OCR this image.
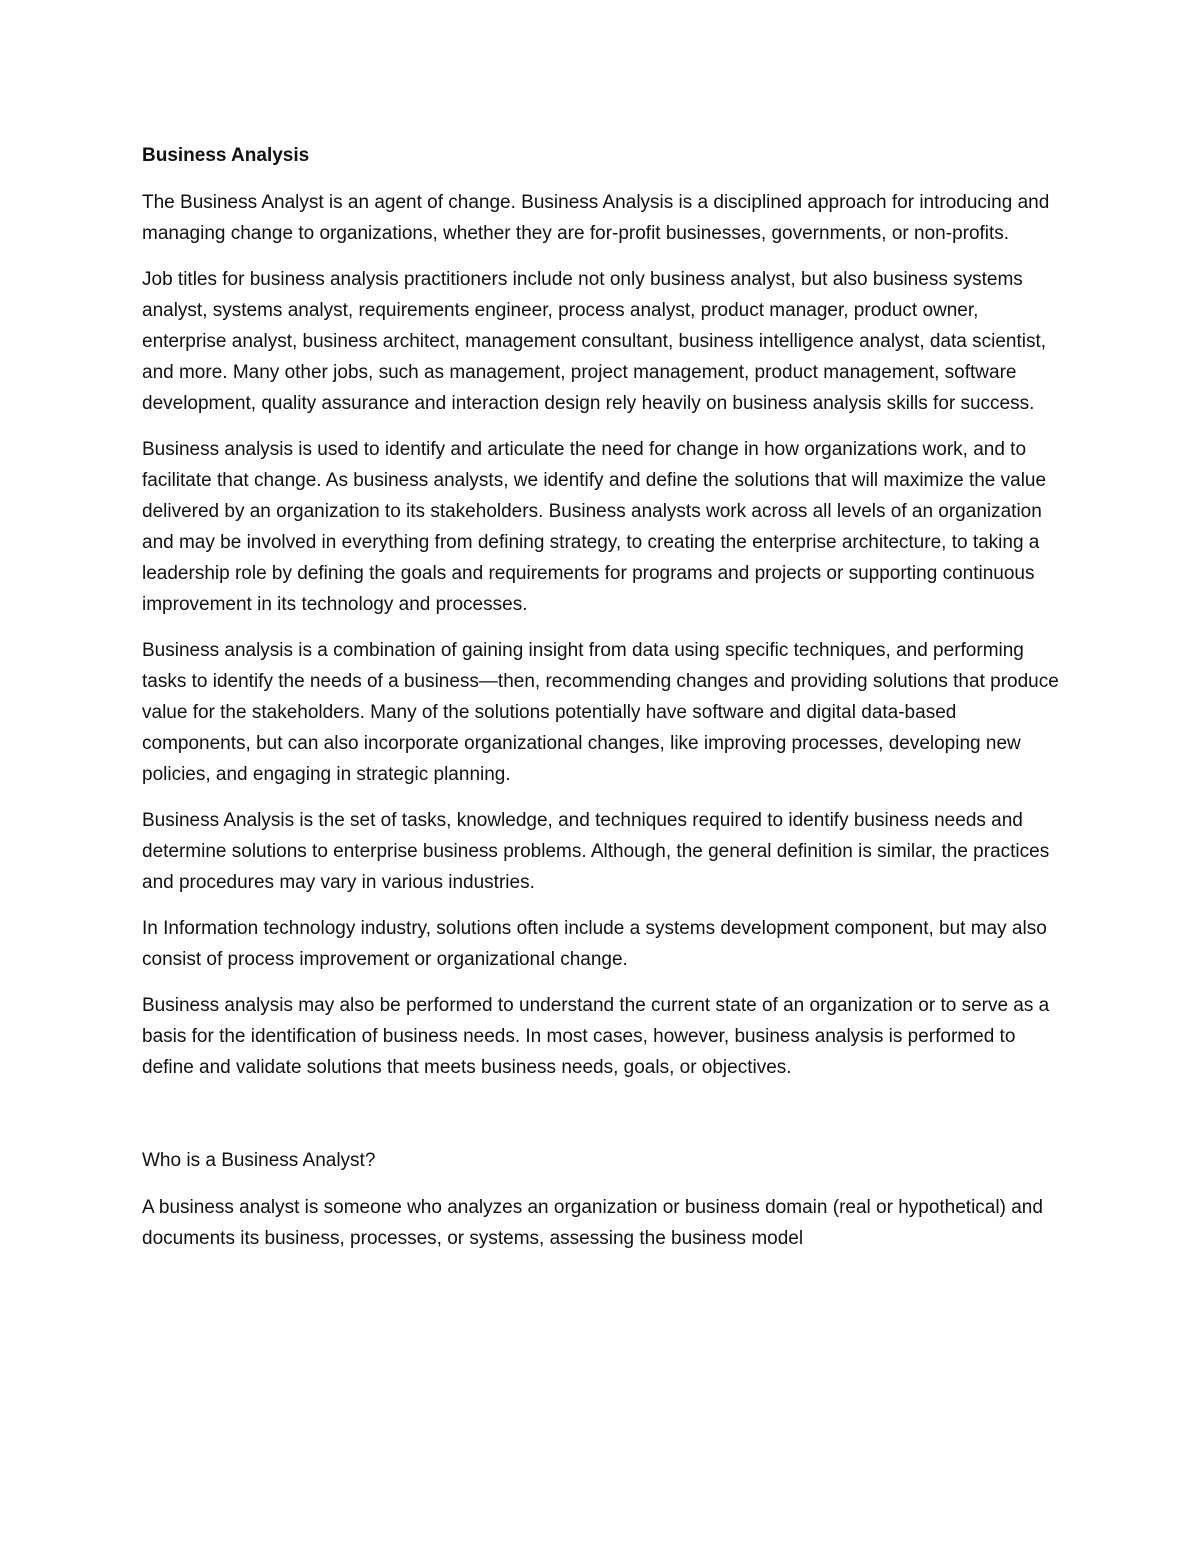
Business Analysis
The Business Analyst is an agent of change. Business Analysis is a disciplined approach for introducing and managing change to organizations, whether they are for-profit businesses, governments, or non-profits.
Job titles for business analysis practitioners include not only business analyst, but also business systems analyst, systems analyst, requirements engineer, process analyst, product manager, product owner, enterprise analyst, business architect, management consultant, business intelligence analyst, data scientist, and more. Many other jobs, such as management, project management, product management, software development, quality assurance and interaction design rely heavily on business analysis skills for success.
Business analysis is used to identify and articulate the need for change in how organizations work, and to facilitate that change. As business analysts, we identify and define the solutions that will maximize the value delivered by an organization to its stakeholders. Business analysts work across all levels of an organization and may be involved in everything from defining strategy, to creating the enterprise architecture, to taking a leadership role by defining the goals and requirements for programs and projects or supporting continuous improvement in its technology and processes.
Business analysis is a combination of gaining insight from data using specific techniques, and performing tasks to identify the needs of a business—then, recommending changes and providing solutions that produce value for the stakeholders. Many of the solutions potentially have software and digital data-based components, but can also incorporate organizational changes, like improving processes, developing new policies, and engaging in strategic planning.
Business Analysis is the set of tasks, knowledge, and techniques required to identify business needs and determine solutions to enterprise business problems. Although, the general definition is similar, the practices and procedures may vary in various industries.
In Information technology industry, solutions often include a systems development component, but may also consist of process improvement or organizational change.
Business analysis may also be performed to understand the current state of an organization or to serve as a basis for the identification of business needs. In most cases, however, business analysis is performed to define and validate solutions that meets business needs, goals, or objectives.
Who is a Business Analyst?
A business analyst is someone who analyzes an organization or business domain (real or hypothetical) and documents its business, processes, or systems, assessing the business model
